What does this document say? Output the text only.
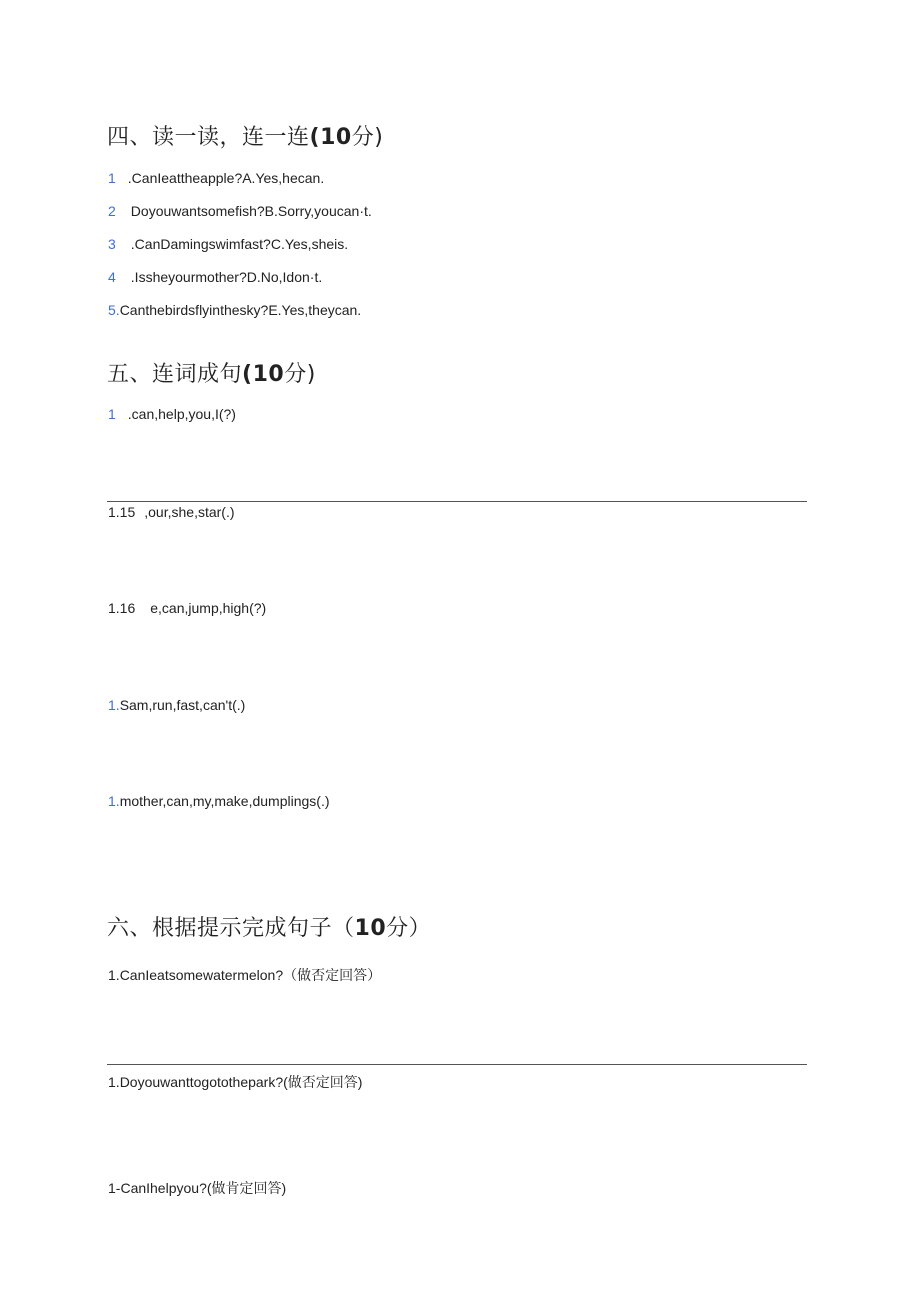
四、读一读，连一连(10分)
1 .CanIeattheapple?A.Yes,hecan.
2 Doyouwantsomefish?B.Sorry,youcan·t.
3 .CanDamingswimfast?C.Yes,sheis.
4 .Issheyourmother?D.No,Idon·t.
5.Canthebirdsflyinthesky?E.Yes,theycan.
五、连词成句(10分)
1 .can,help,you,I(?)
1.15 ,our,she,star(.)
1.16 e,can,jump,high(?)
1.Sam,run,fast,can't(.)
1.mother,can,my,make,dumplings(.)
六、根据提示完成句子（10分）
1.CanIeatsomewatermelon?（做否定回答）
1.Doyouwanttogotothepark?(做否定回答)
1-CanIhelpyou?(做肯定回答)
